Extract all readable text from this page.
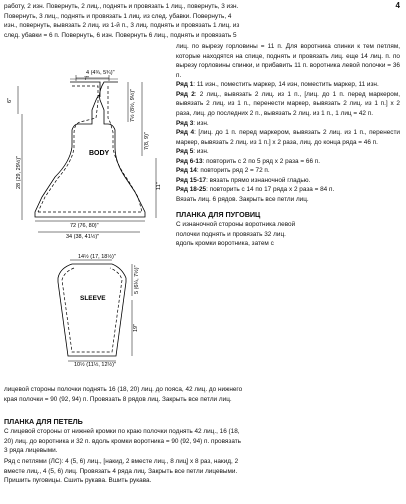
4

работу, 2 изн. Повернуть, 2 лиц., поднять и провязать 1 лиц., повернуть, 3 изн.

Повернуть, 3 лиц., поднять и провязать 1 лиц. из след. убавки. Повернуть, 4

изн., повернуть, вывязать 2 лиц. из 1-й п., 3 лиц. поднять и провязать 1 лиц. из

след. убавки = 6 п. Повернуть, 6 изн. Повернуть 6 лиц., поднять и провязать 5

4 (4¾, 5¾)"
7"
BODY
6"
28 (29, 29½)"
7½ (8½, 9½)"
7(8, 9)"
11"
72 (76, 80)"
34 (38, 41½)"
14½ (17, 18½)"
SLEEVE
5 (6¼, 7½)"
19"
10½ (11½, 12½)"

лиц. по вырезу горловины = 11 п. Для воротника спинки к тем петлям, которые находятся на спице, поднять и провязать лиц. еще 14 лиц. п. по вырезу горловины спинки, и прибавить 11 п. воротника левой полочки = 36 п.

Ряд 1: 11 изн., поместить маркер, 14 изн, поместить маркер, 11 изн.

Ряд 2: 2 лиц., вывязать 2 лиц. из 1 п., [лиц. до 1 п. перед маркером, вывязать 2 лиц. из 1 п., перенести маркер, вывязать 2 лиц. из 1 п.] х 2 раза, лиц. до последних 2 п., вывязать 2 лиц. из 1 п., 1 лиц = 42 п.

Ряд 3: изн.

Ряд 4: [лиц. до 1 п. перед маркером, вывязать 2 лиц. из 1 п., перенести маркер, вывязать 2 лиц. из 1 п.] х 2 раза, лиц. до конца ряда = 46 п.

Ряд 5: изн.

Ряд 6-13: повторить с 2 по 5 ряд х 2 раза = 66 п.

Ряд 14: повторить ряд 2 = 72 п.

Ряд 15-17: вязать прямо изнаночной гладью.

Ряд 18-25: повторить с 14 по 17 ряда х 2 раза = 84 п.

Вязать лиц. 6 рядов. Закрыть все петли лиц.

ПЛАНКА ДЛЯ ПУГОВИЦ

С изнаночной стороны воротника левой

полочки поднять и провязать 32 лиц.

вдоль кромки воротника, затем с

лицевой стороны полочки поднять 16 (18, 20) лиц. до пояса, 42 лиц. до нижнего

края полочки = 90 (92, 94) п. Провязать 8 рядов лиц. Закрыть все петли лиц.

ПЛАНКА ДЛЯ ПЕТЕЛЬ

С лицевой стороны от нижней кромки по краю полочки поднять 42 лиц., 16 (18,

20) лиц. до воротника и 32 п. вдоль кромки воротника = 90 (92, 94) п. провязать

3 ряда лицевыми.

Ряд с петлями (ЛС): 4 (5, 6) лиц., [накид, 2 вместе лиц., 8 лиц] х 8 раз, накид, 2

вместе лиц., 4 (5, 6) лиц. Провязать 4 ряда лиц. Закрыть все петли лицевыми.

Пришить пуговицы. Сшить рукава. Вшить рукава.
